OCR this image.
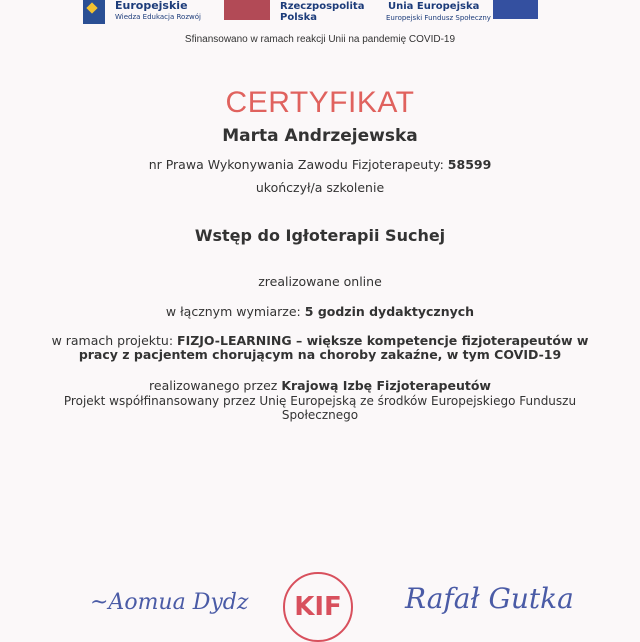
Europejskie
Wiedza Edukacja Rozwój
Rzeczpospolita
Polska
Unia Europejska
Europejski Fundusz Społeczny
Sfinansowano w ramach reakcji Unii na pandemię COVID-19
CERTYFIKAT
Marta Andrzejewska
nr Prawa Wykonywania Zawodu Fizjoterapeuty: 58599
ukończył/a szkolenie
Wstęp do Igłoterapii Suchej
zrealizowane online
w łącznym wymiarze: 5 godzin dydaktycznych
w ramach projektu: FIZJO-LEARNING – większe kompetencje fizjoterapeutów w
pracy z pacjentem chorującym na choroby zakaźne, w tym COVID-19
realizowanego przez Krajową Izbę Fizjoterapeutów
Projekt współfinansowany przez Unię Europejską ze środków Europejskiego Funduszu
Społecznego
~Aomua Dydz	KIF	Rafał Gutka
